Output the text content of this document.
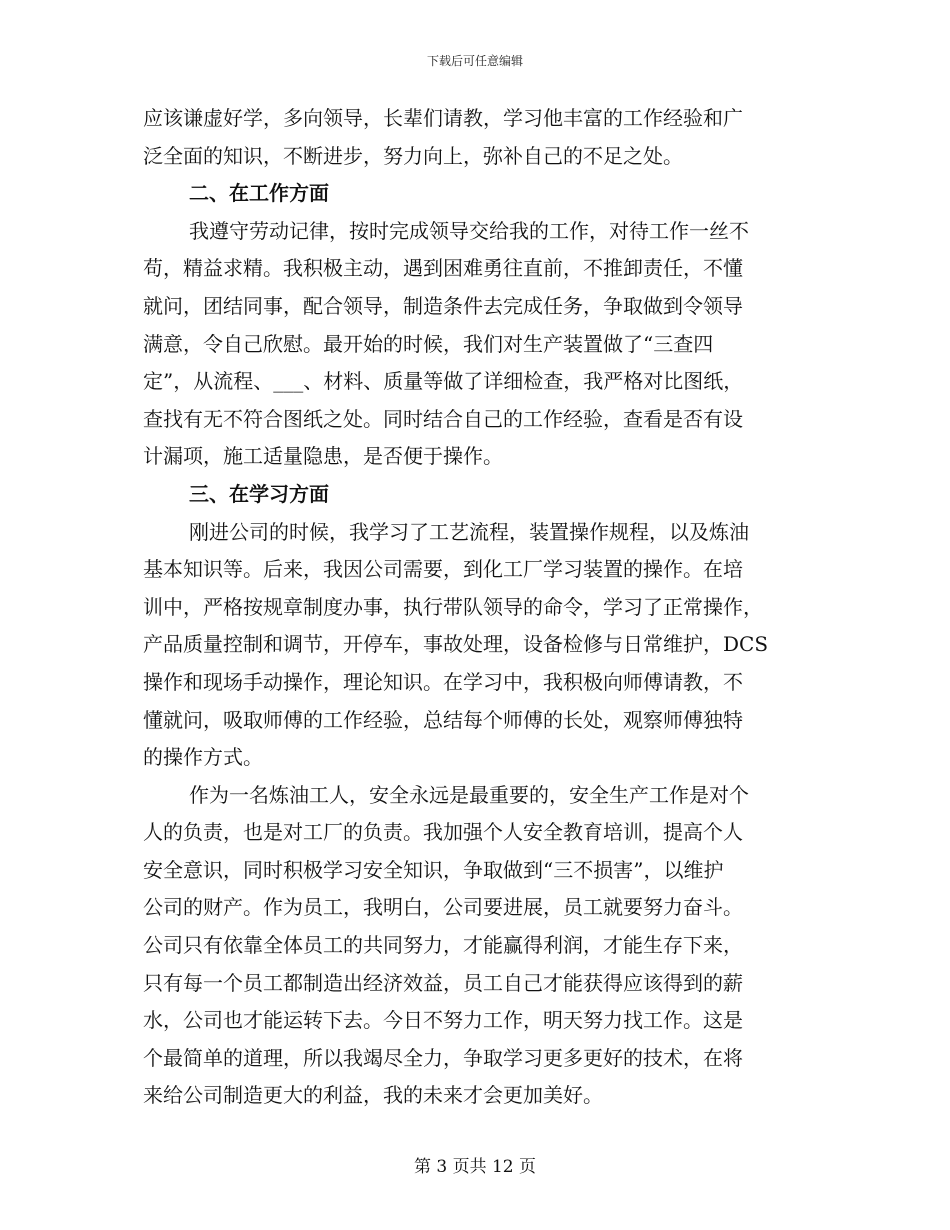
下载后可任意编辑
应该谦虚好学，多向领导，长辈们请教，学习他丰富的工作经验和广
泛全面的知识，不断进步，努力向上，弥补自己的不足之处。
二、在工作方面
我遵守劳动记律，按时完成领导交给我的工作，对待工作一丝不
苟，精益求精。我积极主动，遇到困难勇往直前，不推卸责任，不懂
就问，团结同事，配合领导，制造条件去完成任务，争取做到令领导
满意，令自己欣慰。最开始的时候，我们对生产装置做了“三查四
定”，从流程、___、材料、质量等做了详细检查，我严格对比图纸，
查找有无不符合图纸之处。同时结合自己的工作经验，查看是否有设
计漏项，施工适量隐患，是否便于操作。
三、在学习方面
刚进公司的时候，我学习了工艺流程，装置操作规程，以及炼油
基本知识等。后来，我因公司需要，到化工厂学习装置的操作。在培
训中，严格按规章制度办事，执行带队领导的命令，学习了正常操作，
产品质量控制和调节，开停车，事故处理，设备检修与日常维护，DCS
操作和现场手动操作，理论知识。在学习中，我积极向师傅请教，不
懂就问，吸取师傅的工作经验，总结每个师傅的长处，观察师傅独特
的操作方式。
作为一名炼油工人，安全永远是最重要的，安全生产工作是对个
人的负责，也是对工厂的负责。我加强个人安全教育培训，提高个人
安全意识，同时积极学习安全知识，争取做到“三不损害”，以维护
公司的财产。作为员工，我明白，公司要进展，员工就要努力奋斗。
公司只有依靠全体员工的共同努力，才能赢得利润，才能生存下来，
只有每一个员工都制造出经济效益，员工自己才能获得应该得到的薪
水，公司也才能运转下去。今日不努力工作，明天努力找工作。这是
个最简单的道理，所以我竭尽全力，争取学习更多更好的技术，在将
来给公司制造更大的利益，我的未来才会更加美好。
第 3 页共 12 页
